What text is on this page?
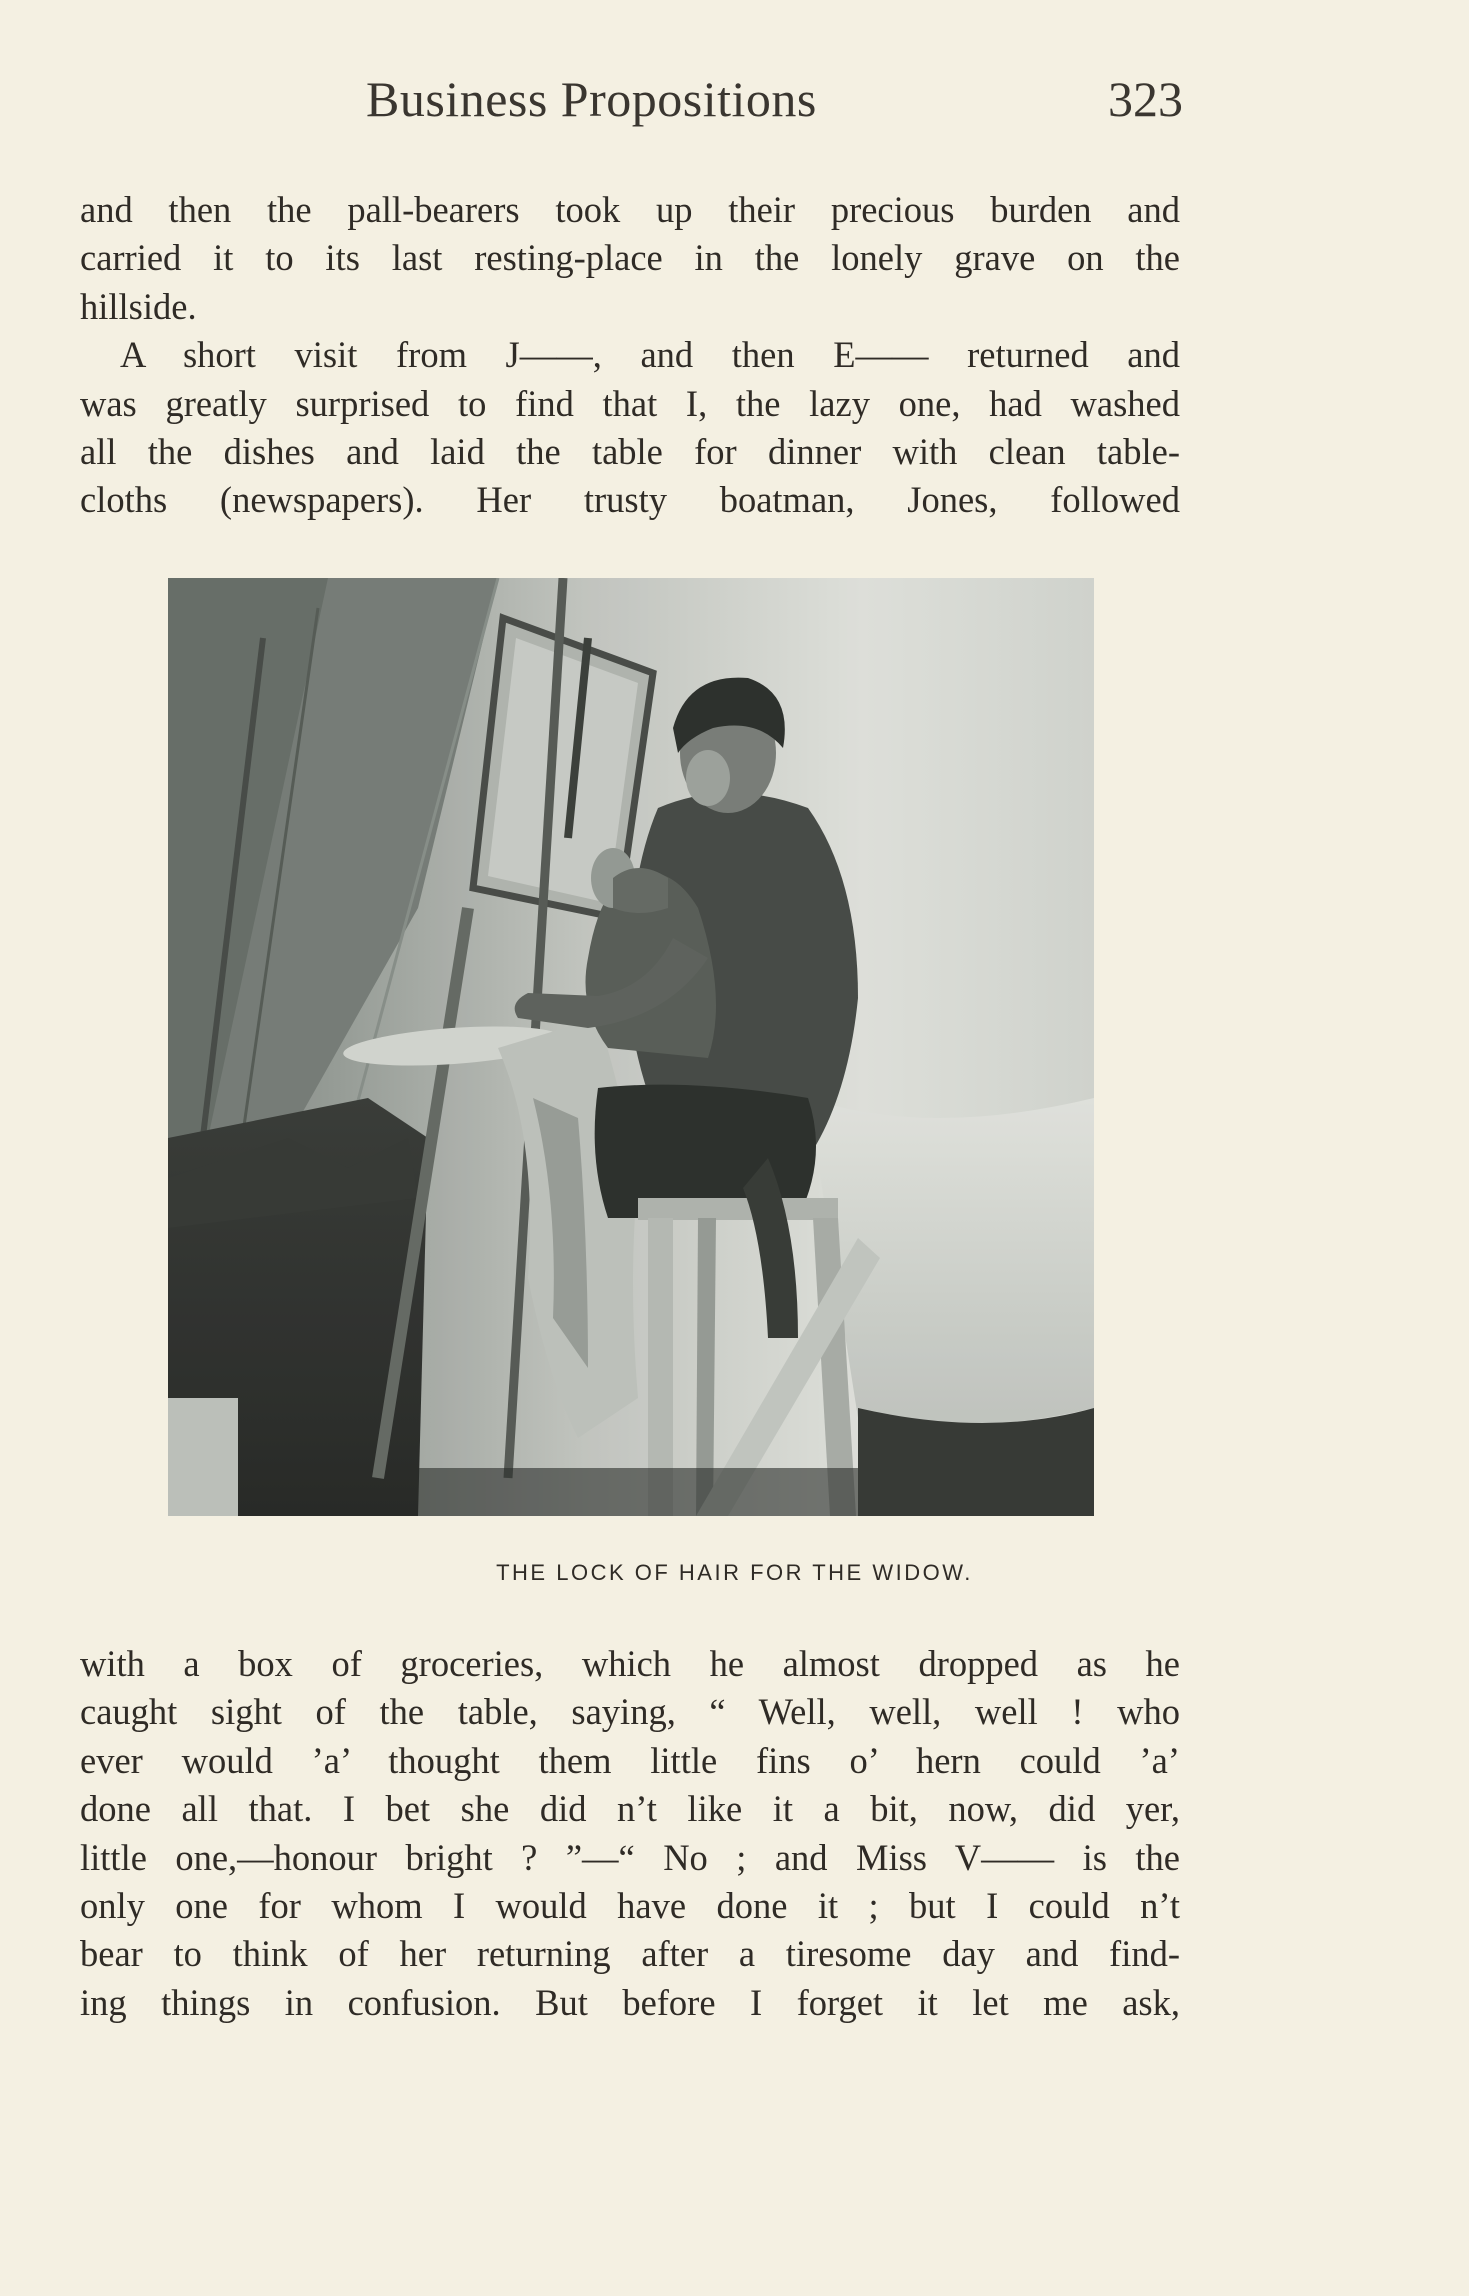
Business Propositions	323
and then the pall-bearers took up their precious burden and
carried it to its last resting-place in the lonely grave on the
hillside.
A short visit from J——, and then E—— returned and
was greatly surprised to find that I, the lazy one, had washed
all the dishes and laid the table for dinner with clean table-
cloths (newspapers). Her trusty boatman, Jones, followed
THE LOCK OF HAIR FOR THE WIDOW.
with a box of groceries, which he almost dropped as he
caught sight of the table, saying, “ Well, well, well ! who
ever would ’a’ thought them little fins o’ hern could ’a’
done all that. I bet she did n’t like it a bit, now, did yer,
little one,—honour bright ? ”—“ No ; and Miss V—— is the
only one for whom I would have done it ; but I could n’t
bear to think of her returning after a tiresome day and find-
ing things in confusion. But before I forget it let me ask,
